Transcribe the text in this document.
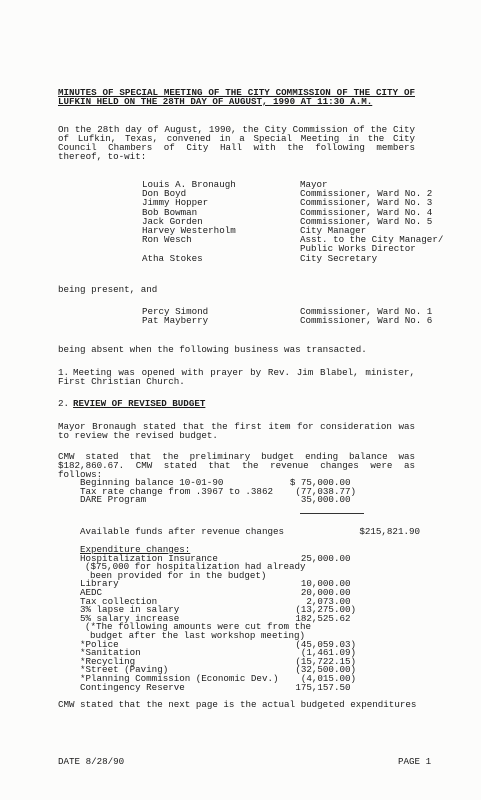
MINUTES OF SPECIAL MEETING OF THE CITY COMMISSION OF THE CITY OF LUFKIN HELD ON THE 28TH DAY OF AUGUST, 1990 AT 11:30 A.M.
On the 28th day of August, 1990, the City Commission of the City of Lufkin, Texas, convened in a Special Meeting in the City Council Chambers of City Hall with the following members thereof, to-wit:
Louis A. Bronaugh	Mayor
Don Boyd	Commissioner, Ward No. 2
Jimmy Hopper	Commissioner, Ward No. 3
Bob Bowman	Commissioner, Ward No. 4
Jack Gorden	Commissioner, Ward No. 5
Harvey Westerholm	City Manager
Ron Wesch	Asst. to the City Manager/ Public Works Director
Atha Stokes	City Secretary
being present, and
Percy Simond	Commissioner, Ward No. 1
Pat Mayberry	Commissioner, Ward No. 6
being absent when the following business was transacted.
1. Meeting was opened with prayer by Rev. Jim Blabel, minister, First Christian Church.
2. REVIEW OF REVISED BUDGET
Mayor Bronaugh stated that the first item for consideration was to review the revised budget.
CMW stated that the preliminary budget ending balance was $182,860.67. CMW stated that the revenue changes were as follows:
Beginning balance 10-01-90	$ 75,000.00
Tax rate change from .3967 to .3862 (77,038.77)
DARE Program	35,000.00
Available funds after revenue changes	$215,821.90
Expenditure changes:
Hospitalization Insurance	25,000.00
($75,000 for hospitalization had already been provided for in the budget)
Library	10,000.00
AEDC	20,000.00
Tax collection	2,073.00
3% lapse in salary	(13,275.00)
5% salary increase	182,525.62
(*The following amounts were cut from the budget after the last workshop meeting)
*Police	(45,059.03)
*Sanitation	(1,461.09)
*Recycling	(15,722.15)
*Street (Paving)	(32,500.00)
*Planning Commission (Economic Dev.) (4,015.00)
Contingency Reserve	175,157.50
CMW stated that the next page is the actual budgeted expenditures
DATE 8/28/90	PAGE 1
